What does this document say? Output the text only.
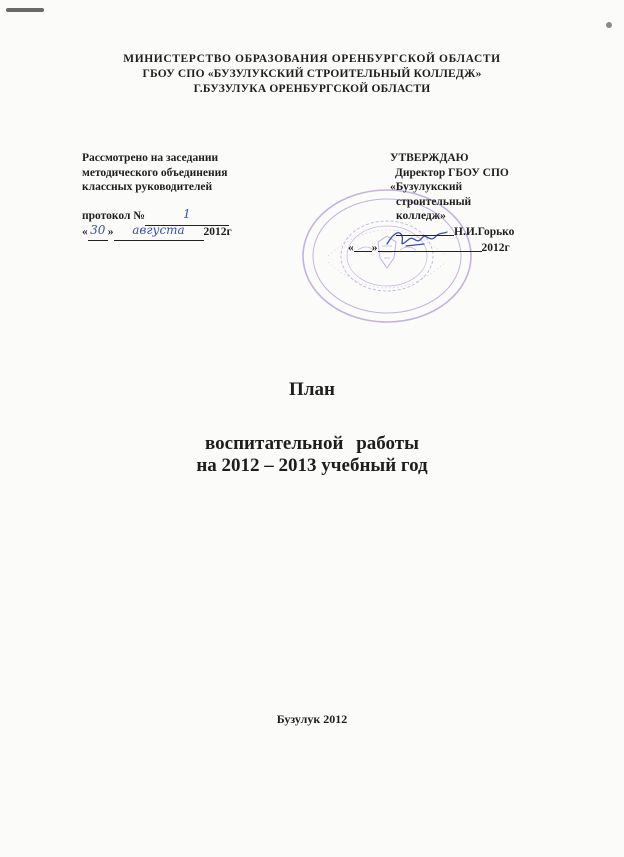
МИНИСТЕРСТВО ОБРАЗОВАНИЯ ОРЕНБУРГСКОЙ ОБЛАСТИ
ГБОУ СПО «БУЗУЛУКСКИЙ СТРОИТЕЛЬНЫЙ КОЛЛЕДЖ»
Г.БУЗУЛУКА ОРЕНБУРГСКОЙ ОБЛАСТИ
Рассмотрено на заседании
методического объединения
классных руководителей
протокол №	1
« 30 » августа 2012г
УТВЕРЖДАЮ
Директор ГБОУ СПО
«Бузулукский
строительный
колледж»
Н.И.Горько
« »	2012г
План
воспитательной работы
на 2012 – 2013 учебный год
Бузулук 2012
